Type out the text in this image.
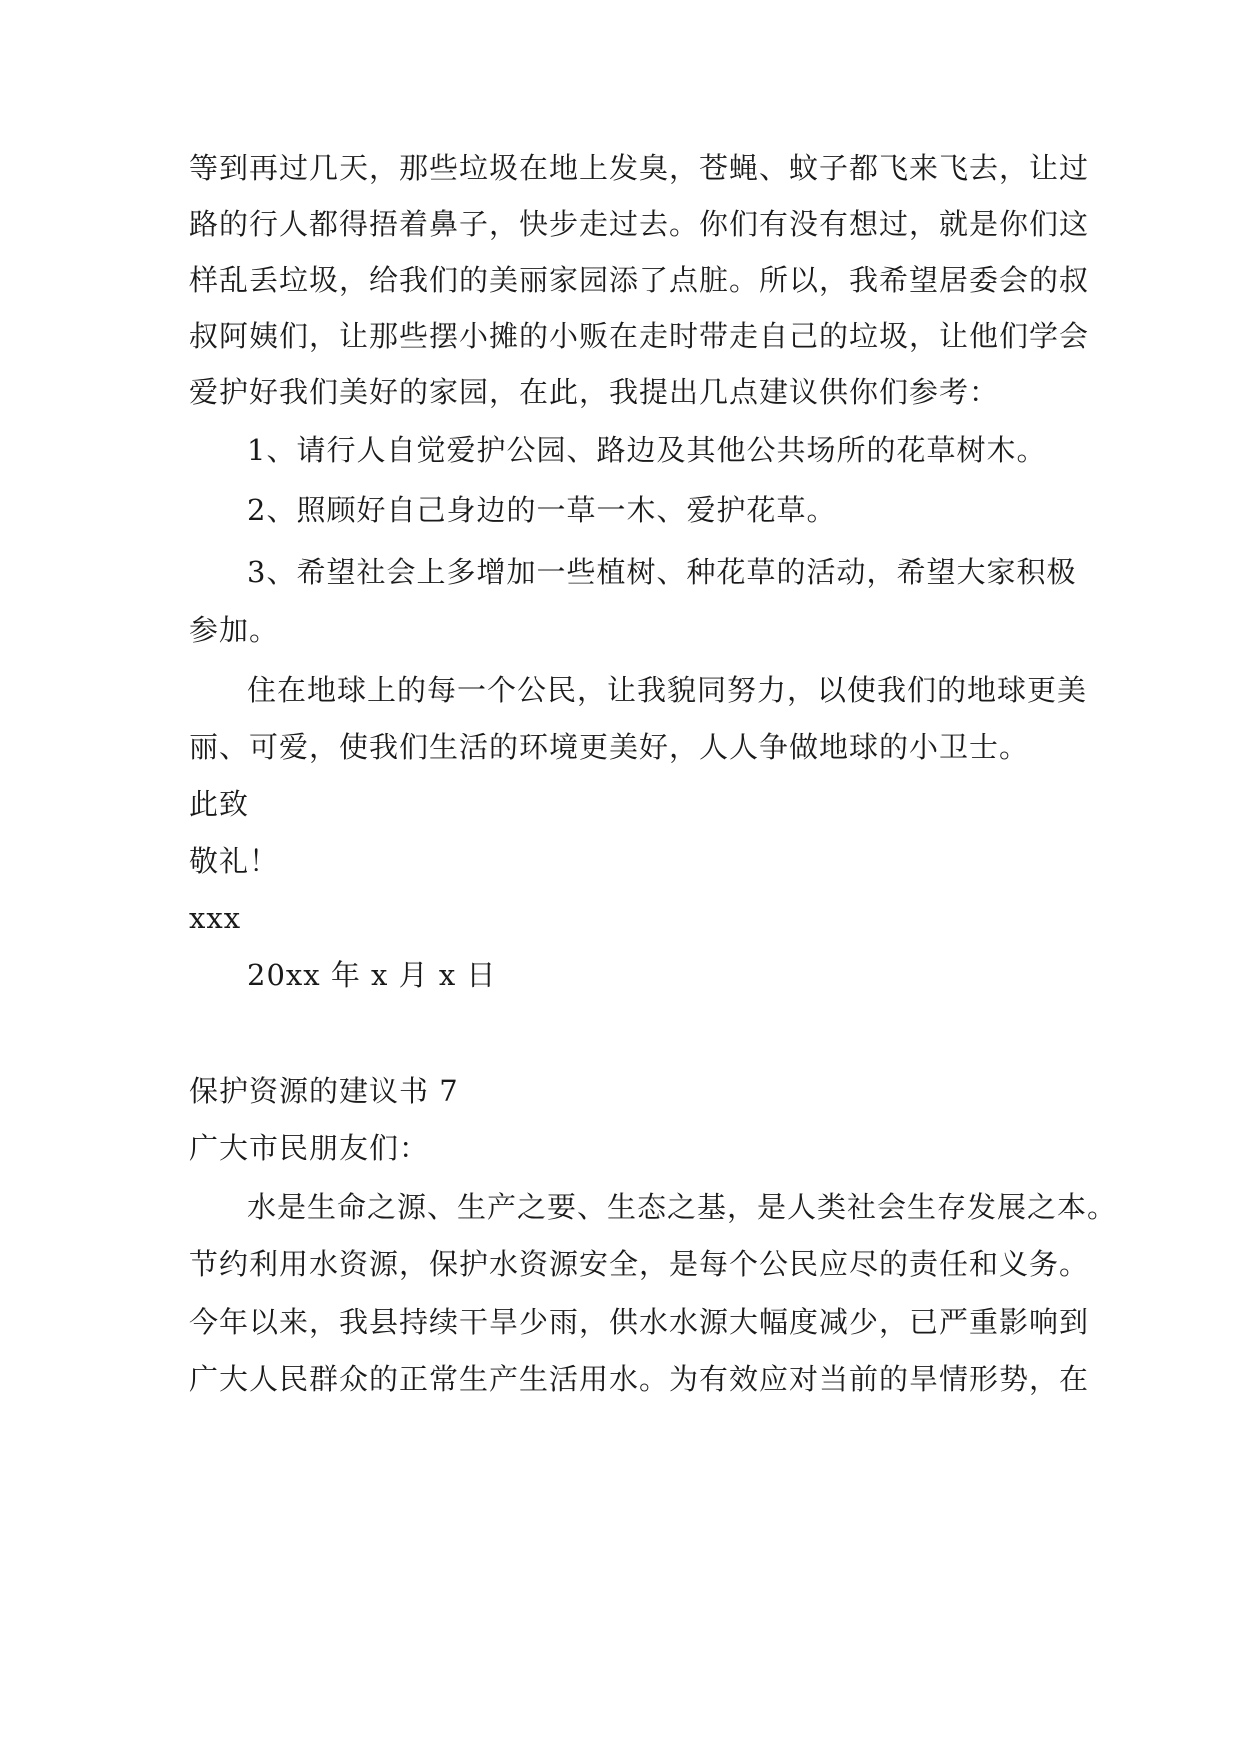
等到再过几天，那些垃圾在地上发臭，苍蝇、蚊子都飞来飞去，让过
路的行人都得捂着鼻子，快步走过去。你们有没有想过，就是你们这
样乱丢垃圾，给我们的美丽家园添了点脏。所以，我希望居委会的叔
叔阿姨们，让那些摆小摊的小贩在走时带走自己的垃圾，让他们学会
爱护好我们美好的家园，在此，我提出几点建议供你们参考：
1、请行人自觉爱护公园、路边及其他公共场所的花草树木。
2、照顾好自己身边的一草一木、爱护花草。
3、希望社会上多增加一些植树、种花草的活动，希望大家积极
参加。
住在地球上的每一个公民，让我貌同努力，以使我们的地球更美
丽、可爱，使我们生活的环境更美好，人人争做地球的小卫士。
此致
敬礼！
xxx
20xx 年 x 月 x 日
保护资源的建议书 7
广大市民朋友们：
水是生命之源、生产之要、生态之基，是人类社会生存发展之本。
节约利用水资源，保护水资源安全，是每个公民应尽的责任和义务。
今年以来，我县持续干旱少雨，供水水源大幅度减少，已严重影响到
广大人民群众的正常生产生活用水。为有效应对当前的旱情形势，在
